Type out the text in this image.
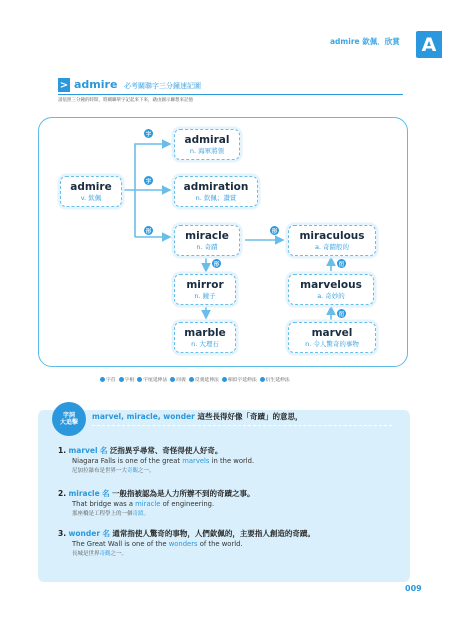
admire 欽佩．欣賞 A
> admire 必考關聯字三分鐘速記圖
請依照三分鐘的時間，將關聯單字記起來下來，藉由圖示聯想來記憶
admire
v. 欽佩
admiral
n. 海軍將領
admiration
n. 欽佩；讚賞
miracle
n. 奇蹟
mirror
n. 鏡子
marble
n. 大理石
miraculous
a. 奇蹟般的
marvelous
a. 奇妙的
marvel
n. 令人驚奇的事物
字
字
形	形
形	衍
衍
字首 字根 字尾延伸法 同義 反義延伸法 相似字延伸法 衍生延伸法
字詞
大追擊
marvel, miracle, wonder 這些長得好像「奇蹟」的意思，
1. marvel 名 泛指異乎尋常、奇怪得使人好奇。
Niagara Falls is one of the great marvels in the world.
尼加拉瀑布是世界一大奇觀之一。
2. miracle 名 一般指被認為是人力所辦不到的奇蹟之事。
That bridge was a miracle of engineering.
那座橋是工程學上的一個奇蹟。
3. wonder 名 通常指使人驚奇的事物，人們欽佩的，主要指人創造的奇蹟。
The Great Wall is one of the wonders of the world.
長城是世界奇觀之一。
009
